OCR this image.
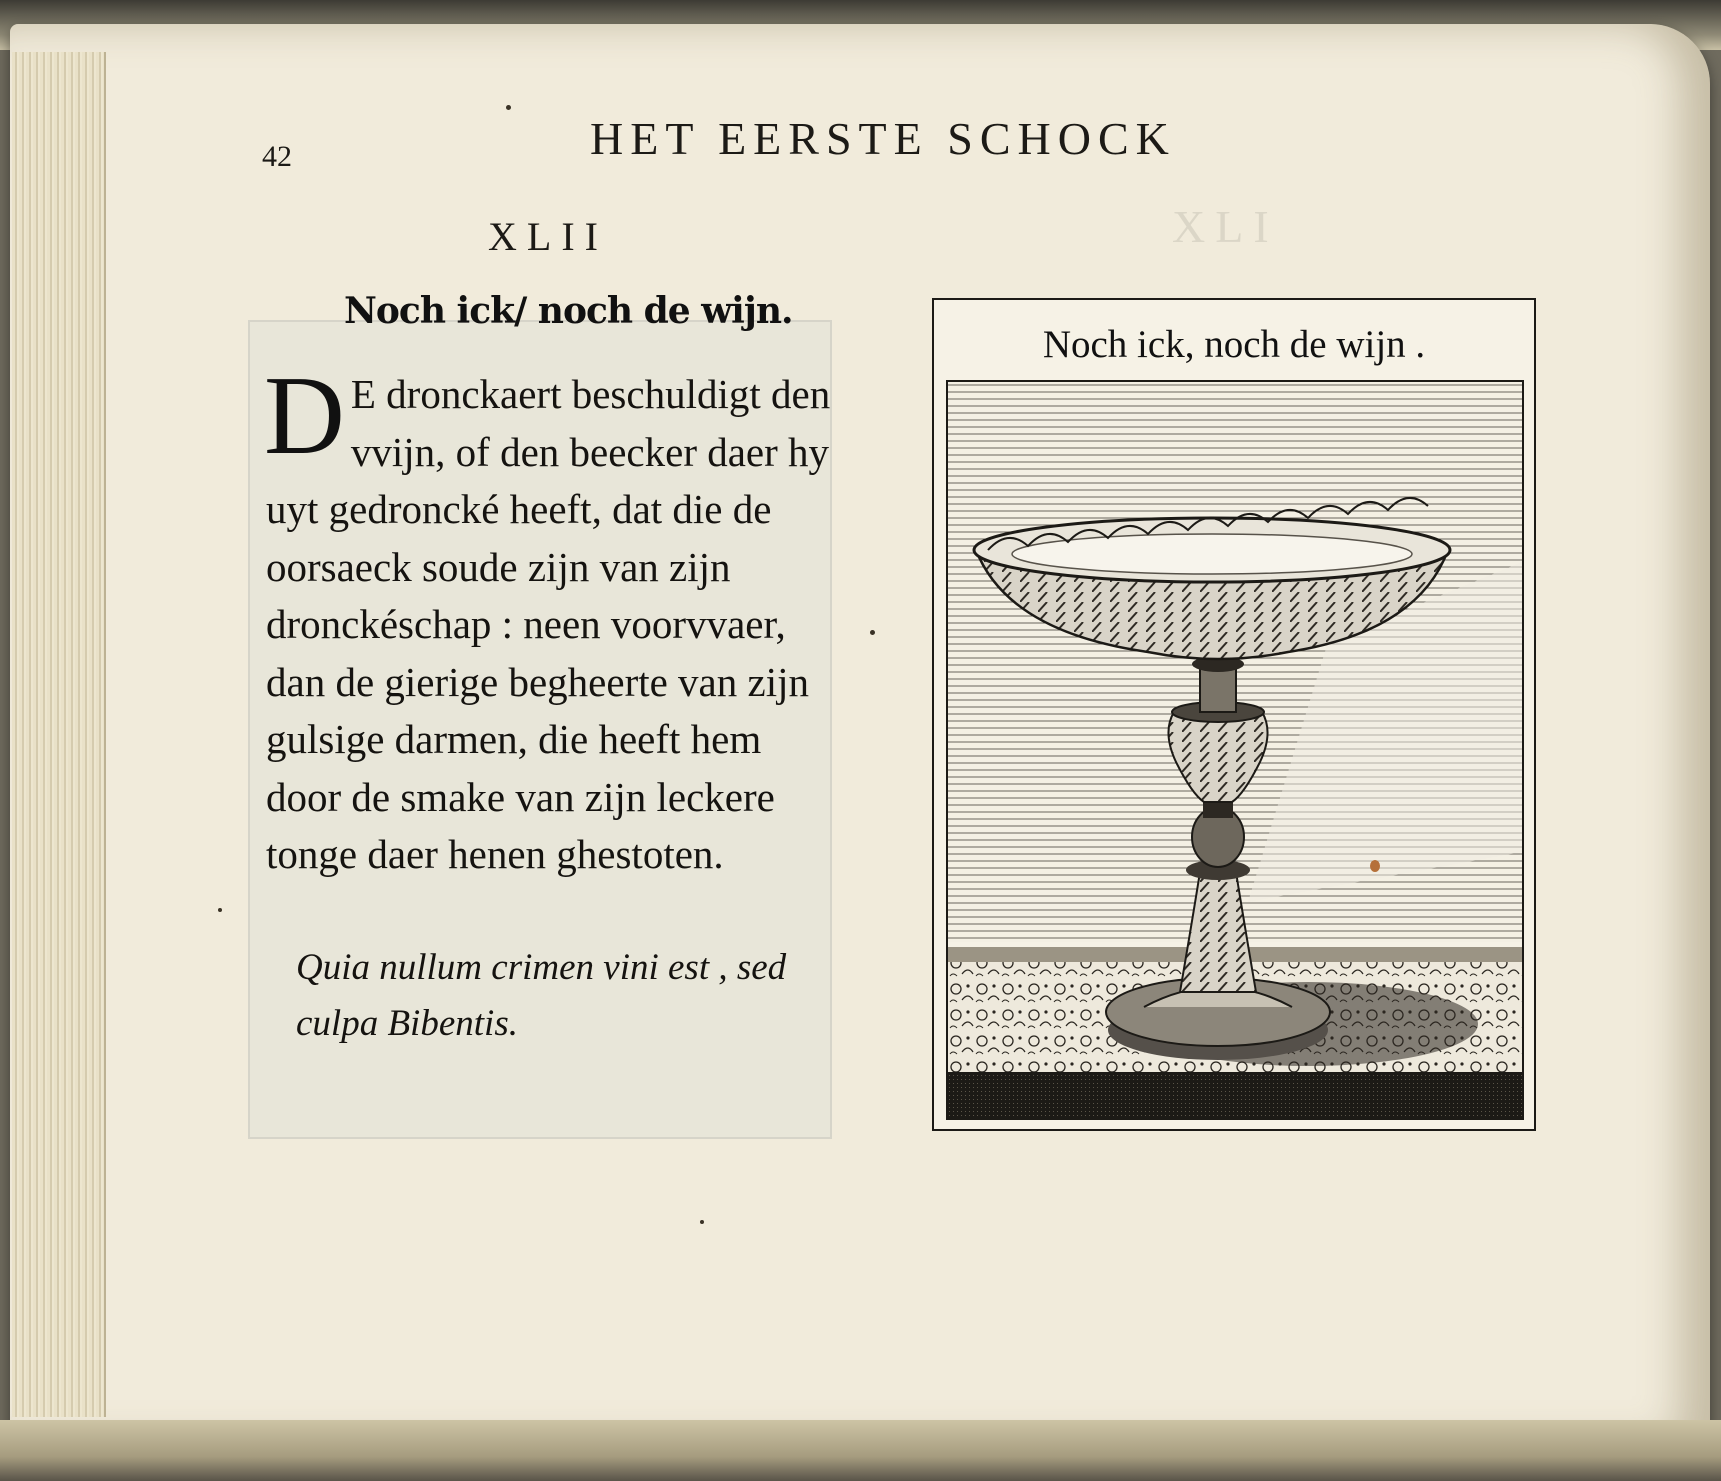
XLI
42	HET EERSTE SCHOCK
XLII
Noch ick/ noch de wijn.
D E dronckaert beschuldigt den vvijn, of den beecker daer hy uyt gedroncké heeft, dat die de oorsaeck soude zijn van zijn dronckéschap : neen voorvvaer, dan de gierige begheerte van zijn gulsige darmen, die heeft hem door de smake van zijn leckere tonge daer henen ghestoten.
Quia nullum crimen vini est , sed culpa Bibentis.
Noch ick, noch de wijn .
